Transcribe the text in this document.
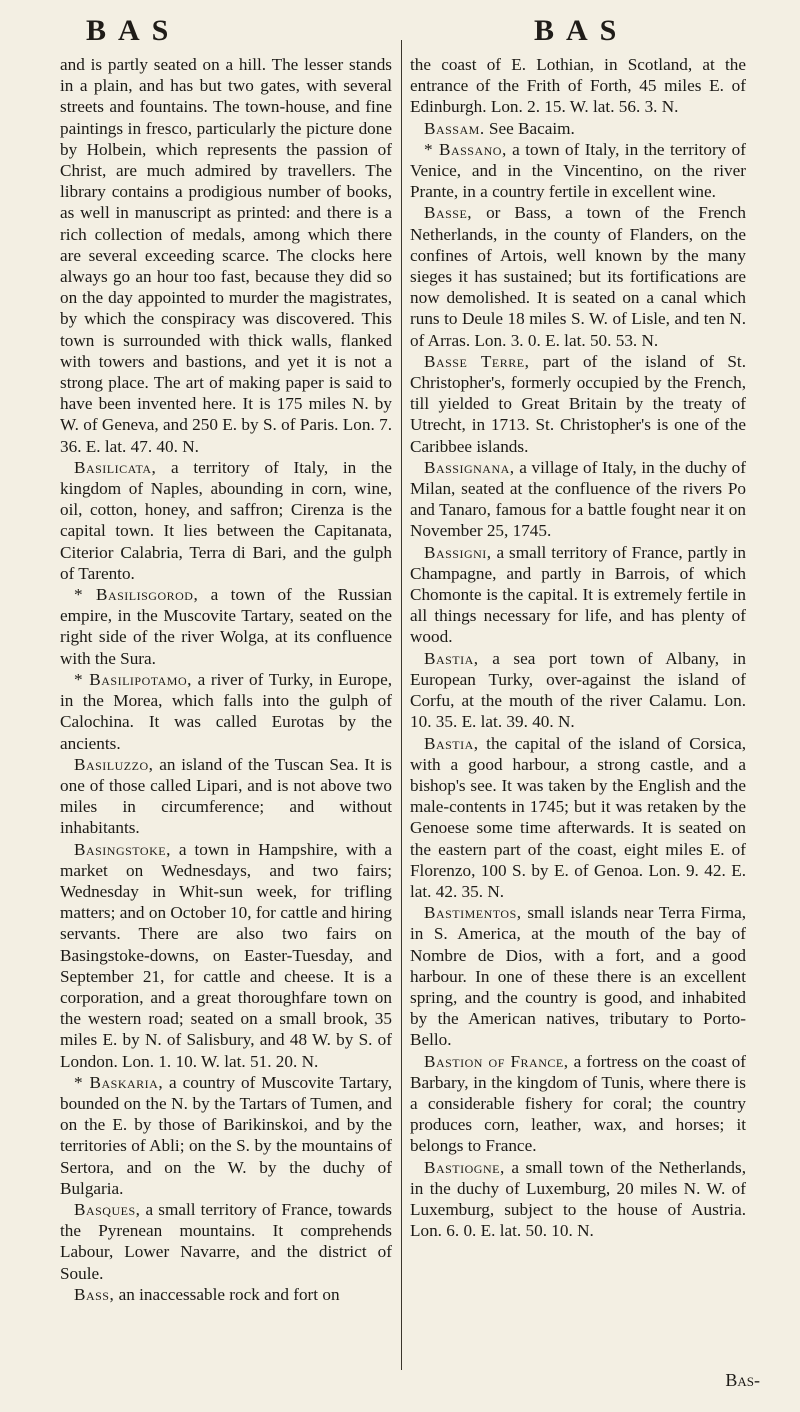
BAS	BAS

and is partly seated on a hill. The lesser stands in a plain, and has but two gates, with several streets and fountains. The town-house, and fine paintings in fresco, particularly the picture done by Holbein, which represents the passion of Christ, are much admired by travellers. The library contains a prodigious number of books, as well in manuscript as printed: and there is a rich collection of medals, among which there are several exceeding scarce. The clocks here always go an hour too fast, because they did so on the day appointed to murder the magistrates, by which the conspiracy was discovered. This town is surrounded with thick walls, flanked with towers and bastions, and yet it is not a strong place. The art of making paper is said to have been invented here. It is 175 miles N. by W. of Geneva, and 250 E. by S. of Paris. Lon. 7. 36. E. lat. 47. 40. N.

Basilicata, a territory of Italy, in the kingdom of Naples, abounding in corn, wine, oil, cotton, honey, and saffron; Cirenza is the capital town. It lies between the Capitanata, Citerior Calabria, Terra di Bari, and the gulph of Tarento.

* Basilisgorod, a town of the Russian empire, in the Muscovite Tartary, seated on the right side of the river Wolga, at its confluence with the Sura.

* Basilipotamo, a river of Turky, in Europe, in the Morea, which falls into the gulph of Calochina. It was called Eurotas by the ancients.

Basiluzzo, an island of the Tuscan Sea. It is one of those called Lipari, and is not above two miles in circumference; and without inhabitants.

Basingstoke, a town in Hampshire, with a market on Wednesdays, and two fairs; Wednesday in Whit-sun week, for trifling matters; and on October 10, for cattle and hiring servants. There are also two fairs on Basingstoke-downs, on Easter-Tuesday, and September 21, for cattle and cheese. It is a corporation, and a great thoroughfare town on the western road; seated on a small brook, 35 miles E. by N. of Salisbury, and 48 W. by S. of London. Lon. 1. 10. W. lat. 51. 20. N.

* Baskaria, a country of Muscovite Tartary, bounded on the N. by the Tartars of Tumen, and on the E. by those of Barikinskoi, and by the territories of Abli; on the S. by the mountains of Sertora, and on the W. by the duchy of Bulgaria.

Basques, a small territory of France, towards the Pyrenean mountains. It comprehends Labour, Lower Navarre, and the district of Soule.

Bass, an inaccessable rock and fort on

the coast of E. Lothian, in Scotland, at the entrance of the Frith of Forth, 45 miles E. of Edinburgh. Lon. 2. 15. W. lat. 56. 3. N.

Bassam. See Bacaim.

* Bassano, a town of Italy, in the territory of Venice, and in the Vincentino, on the river Prante, in a country fertile in excellent wine.

Basse, or Bass, a town of the French Netherlands, in the county of Flanders, on the confines of Artois, well known by the many sieges it has sustained; but its fortifications are now demolished. It is seated on a canal which runs to Deule 18 miles S. W. of Lisle, and ten N. of Arras. Lon. 3. 0. E. lat. 50. 53. N.

Basse Terre, part of the island of St. Christopher's, formerly occupied by the French, till yielded to Great Britain by the treaty of Utrecht, in 1713. St. Christopher's is one of the Caribbee islands.

Bassignana, a village of Italy, in the duchy of Milan, seated at the confluence of the rivers Po and Tanaro, famous for a battle fought near it on November 25, 1745.

Bassigni, a small territory of France, partly in Champagne, and partly in Barrois, of which Chomonte is the capital. It is extremely fertile in all things necessary for life, and has plenty of wood.

Bastia, a sea port town of Albany, in European Turky, over-against the island of Corfu, at the mouth of the river Calamu. Lon. 10. 35. E. lat. 39. 40. N.

Bastia, the capital of the island of Corsica, with a good harbour, a strong castle, and a bishop's see. It was taken by the English and the male-contents in 1745; but it was retaken by the Genoese some time afterwards. It is seated on the eastern part of the coast, eight miles E. of Florenzo, 100 S. by E. of Genoa. Lon. 9. 42. E. lat. 42. 35. N.

Bastimentos, small islands near Terra Firma, in S. America, at the mouth of the bay of Nombre de Dios, with a fort, and a good harbour. In one of these there is an excellent spring, and the country is good, and inhabited by the American natives, tributary to Porto-Bello.

Bastion of France, a fortress on the coast of Barbary, in the kingdom of Tunis, where there is a considerable fishery for coral; the country produces corn, leather, wax, and horses; it belongs to France.

Bastiogne, a small town of the Netherlands, in the duchy of Luxemburg, 20 miles N. W. of Luxemburg, subject to the house of Austria. Lon. 6. 0. E. lat. 50. 10. N.

Bas-
